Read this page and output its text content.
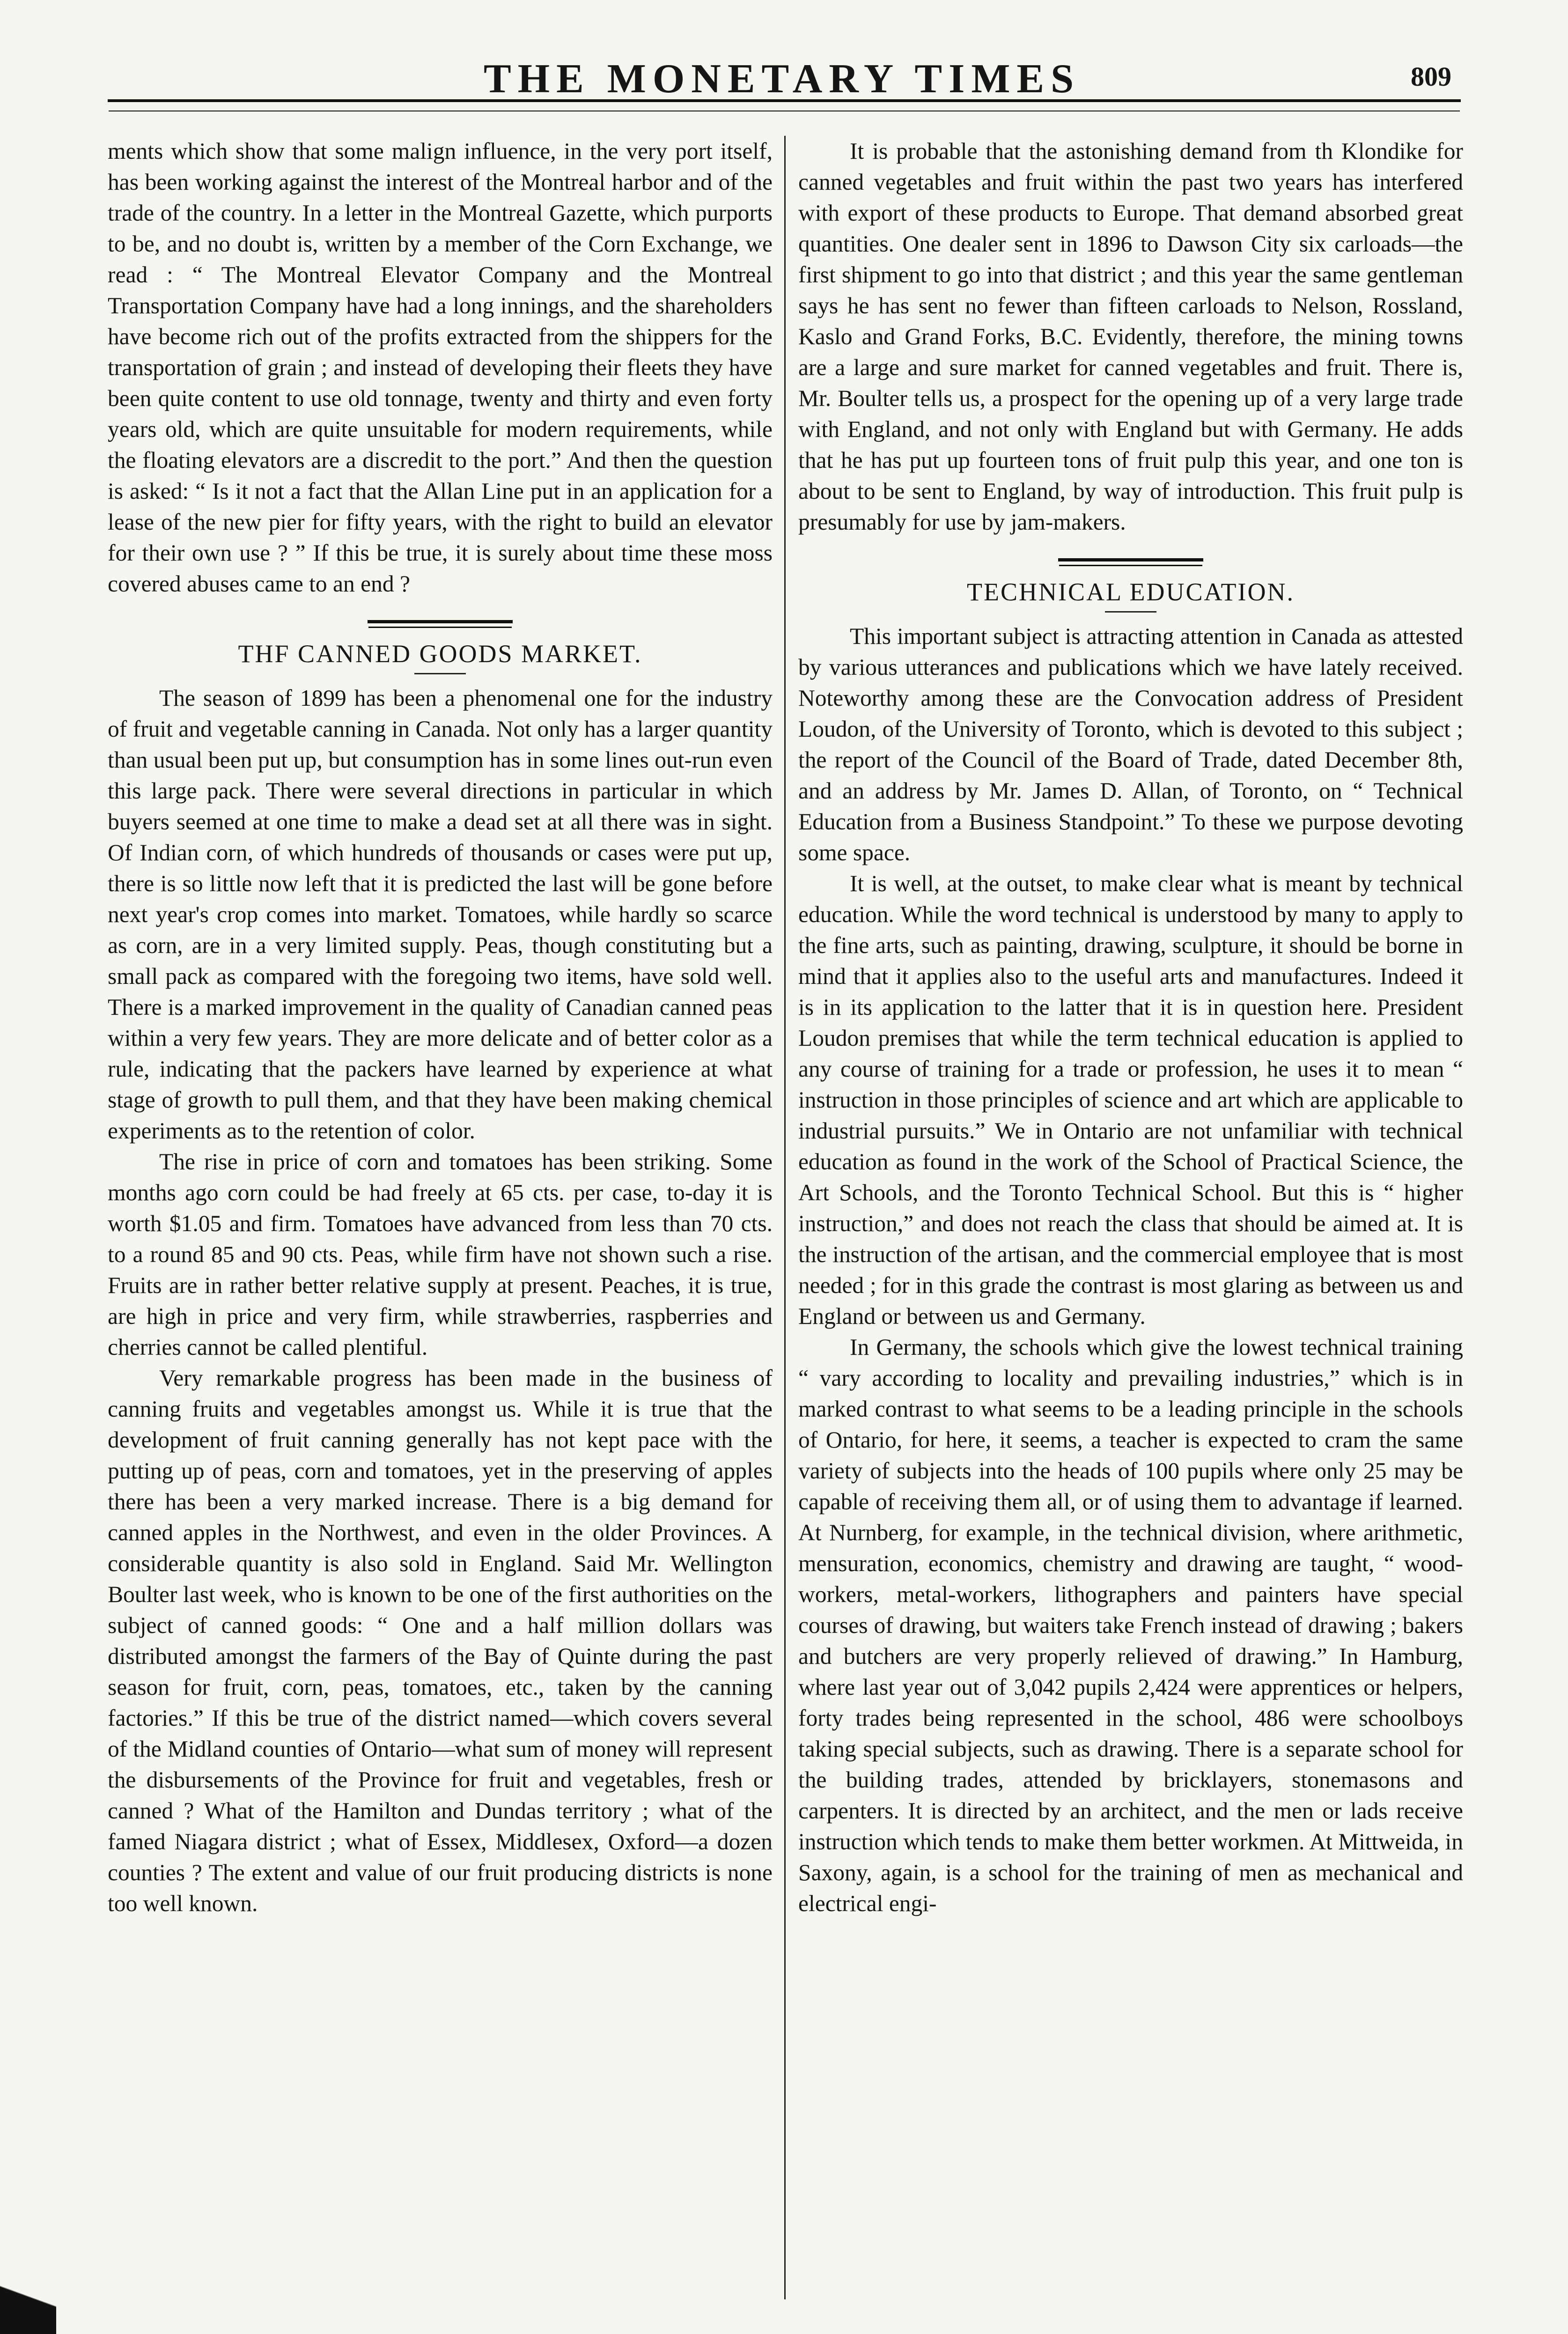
THE MONETARY TIMES	809

ments which show that some malign influence, in the very port itself, has been working against the interest of the Montreal harbor and of the trade of the country. In a letter in the Montreal Gazette, which purports to be, and no doubt is, written by a member of the Corn Exchange, we read : “ The Montreal Elevator Company and the Montreal Transportation Company have had a long innings, and the shareholders have become rich out of the profits extracted from the shippers for the transportation of grain ; and instead of developing their fleets they have been quite content to use old tonnage, twenty and thirty and even forty years old, which are quite unsuitable for modern requirements, while the floating elevators are a discredit to the port.” And then the question is asked: “ Is it not a fact that the Allan Line put in an application for a lease of the new pier for fifty years, with the right to build an elevator for their own use ? ” If this be true, it is surely about time these moss covered abuses came to an end ?

THF CANNED GOODS MARKET.

The season of 1899 has been a phenomenal one for the industry of fruit and vegetable canning in Canada. Not only has a larger quantity than usual been put up, but consumption has in some lines out-run even this large pack. There were several directions in particular in which buyers seemed at one time to make a dead set at all there was in sight. Of Indian corn, of which hundreds of thousands or cases were put up, there is so little now left that it is predicted the last will be gone before next year's crop comes into market. Tomatoes, while hardly so scarce as corn, are in a very limited supply. Peas, though constituting but a small pack as compared with the foregoing two items, have sold well. There is a marked improvement in the quality of Canadian canned peas within a very few years. They are more delicate and of better color as a rule, indicating that the packers have learned by experience at what stage of growth to pull them, and that they have been making chemical experiments as to the retention of color.

The rise in price of corn and tomatoes has been striking. Some months ago corn could be had freely at 65 cts. per case, to-day it is worth $1.05 and firm. Tomatoes have advanced from less than 70 cts. to a round 85 and 90 cts. Peas, while firm have not shown such a rise. Fruits are in rather better relative supply at present. Peaches, it is true, are high in price and very firm, while strawberries, raspberries and cherries cannot be called plentiful.

Very remarkable progress has been made in the business of canning fruits and vegetables amongst us. While it is true that the development of fruit canning generally has not kept pace with the putting up of peas, corn and tomatoes, yet in the preserving of apples there has been a very marked increase. There is a big demand for canned apples in the Northwest, and even in the older Provinces. A considerable quantity is also sold in England. Said Mr. Wellington Boulter last week, who is known to be one of the first authorities on the subject of canned goods: “ One and a half million dollars was distributed amongst the farmers of the Bay of Quinte during the past season for fruit, corn, peas, tomatoes, etc., taken by the canning factories.” If this be true of the district named—which covers several of the Midland counties of Ontario—what sum of money will represent the disbursements of the Province for fruit and vegetables, fresh or canned ? What of the Hamilton and Dundas territory ; what of the famed Niagara district ; what of Essex, Middlesex, Oxford—a dozen counties ? The extent and value of our fruit producing districts is none too well known.

It is probable that the astonishing demand from th Klondike for canned vegetables and fruit within the past two years has interfered with export of these products to Europe. That demand absorbed great quantities. One dealer sent in 1896 to Dawson City six carloads—the first shipment to go into that district ; and this year the same gentleman says he has sent no fewer than fifteen carloads to Nelson, Rossland, Kaslo and Grand Forks, B.C. Evidently, therefore, the mining towns are a large and sure market for canned vegetables and fruit. There is, Mr. Boulter tells us, a prospect for the opening up of a very large trade with England, and not only with England but with Germany. He adds that he has put up fourteen tons of fruit pulp this year, and one ton is about to be sent to England, by way of introduction. This fruit pulp is presumably for use by jam-makers.

TECHNICAL EDUCATION.

This important subject is attracting attention in Canada as attested by various utterances and publications which we have lately received. Noteworthy among these are the Convocation address of President Loudon, of the University of Toronto, which is devoted to this subject ; the report of the Council of the Board of Trade, dated December 8th, and an address by Mr. James D. Allan, of Toronto, on “ Technical Education from a Business Standpoint.” To these we purpose devoting some space.

It is well, at the outset, to make clear what is meant by technical education. While the word technical is understood by many to apply to the fine arts, such as painting, drawing, sculpture, it should be borne in mind that it applies also to the useful arts and manufactures. Indeed it is in its application to the latter that it is in question here. President Loudon premises that while the term technical education is applied to any course of training for a trade or profession, he uses it to mean “ instruction in those principles of science and art which are applicable to industrial pursuits.” We in Ontario are not unfamiliar with technical education as found in the work of the School of Practical Science, the Art Schools, and the Toronto Technical School. But this is “ higher instruction,” and does not reach the class that should be aimed at. It is the instruction of the artisan, and the commercial employee that is most needed ; for in this grade the contrast is most glaring as between us and England or between us and Germany.

In Germany, the schools which give the lowest technical training “ vary according to locality and prevailing industries,” which is in marked contrast to what seems to be a leading principle in the schools of Ontario, for here, it seems, a teacher is expected to cram the same variety of subjects into the heads of 100 pupils where only 25 may be capable of receiving them all, or of using them to advantage if learned. At Nurnberg, for example, in the technical division, where arithmetic, mensuration, economics, chemistry and drawing are taught, “ wood-workers, metal-workers, lithographers and painters have special courses of drawing, but waiters take French instead of drawing ; bakers and butchers are very properly relieved of drawing.” In Hamburg, where last year out of 3,042 pupils 2,424 were apprentices or helpers, forty trades being represented in the school, 486 were schoolboys taking special subjects, such as drawing. There is a separate school for the building trades, attended by bricklayers, stonemasons and carpenters. It is directed by an architect, and the men or lads receive instruction which tends to make them better workmen. At Mittweida, in Saxony, again, is a school for the training of men as mechanical and electrical engi-
